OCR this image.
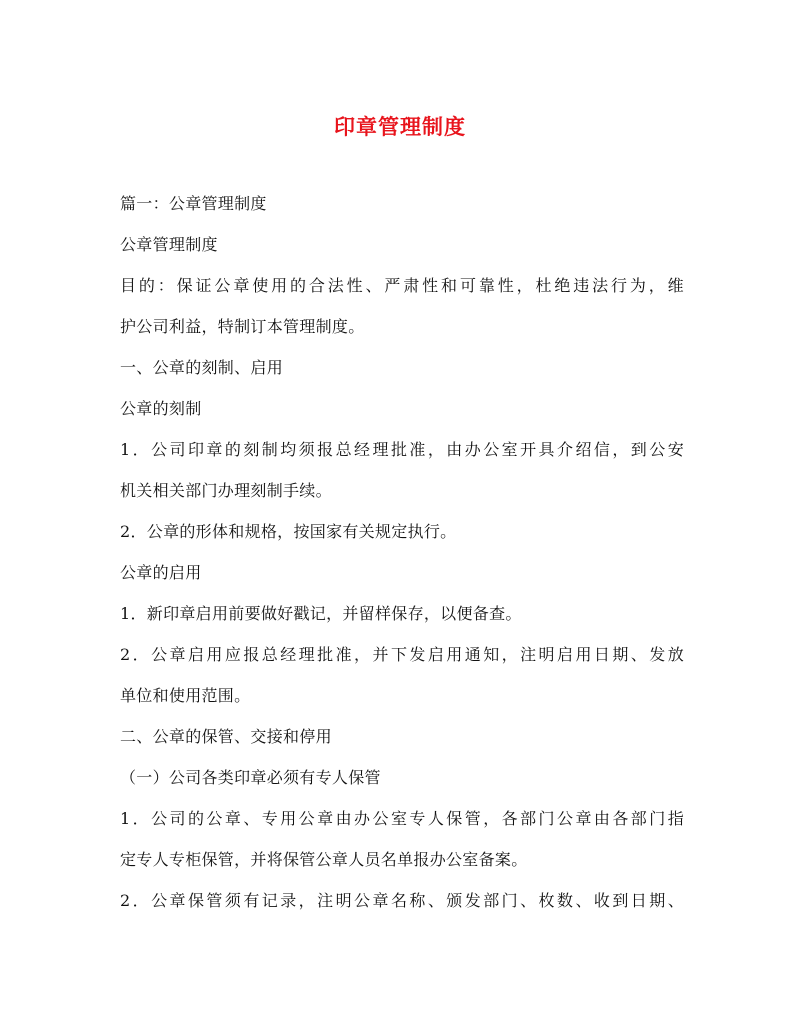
印章管理制度
篇一：公章管理制度
公章管理制度
目的：保证公章使用的合法性、严肃性和可靠性，杜绝违法行为，维
护公司利益，特制订本管理制度。
一、公章的刻制、启用
公章的刻制
1．公司印章的刻制均须报总经理批准，由办公室开具介绍信，到公安
机关相关部门办理刻制手续。
2．公章的形体和规格，按国家有关规定执行。
公章的启用
1．新印章启用前要做好戳记，并留样保存，以便备查。
2．公章启用应报总经理批准，并下发启用通知，注明启用日期、发放
单位和使用范围。
二、公章的保管、交接和停用
（一）公司各类印章必须有专人保管
1．公司的公章、专用公章由办公室专人保管，各部门公章由各部门指
定专人专柜保管，并将保管公章人员名单报办公室备案。
2．公章保管须有记录，注明公章名称、颁发部门、枚数、收到日期、
